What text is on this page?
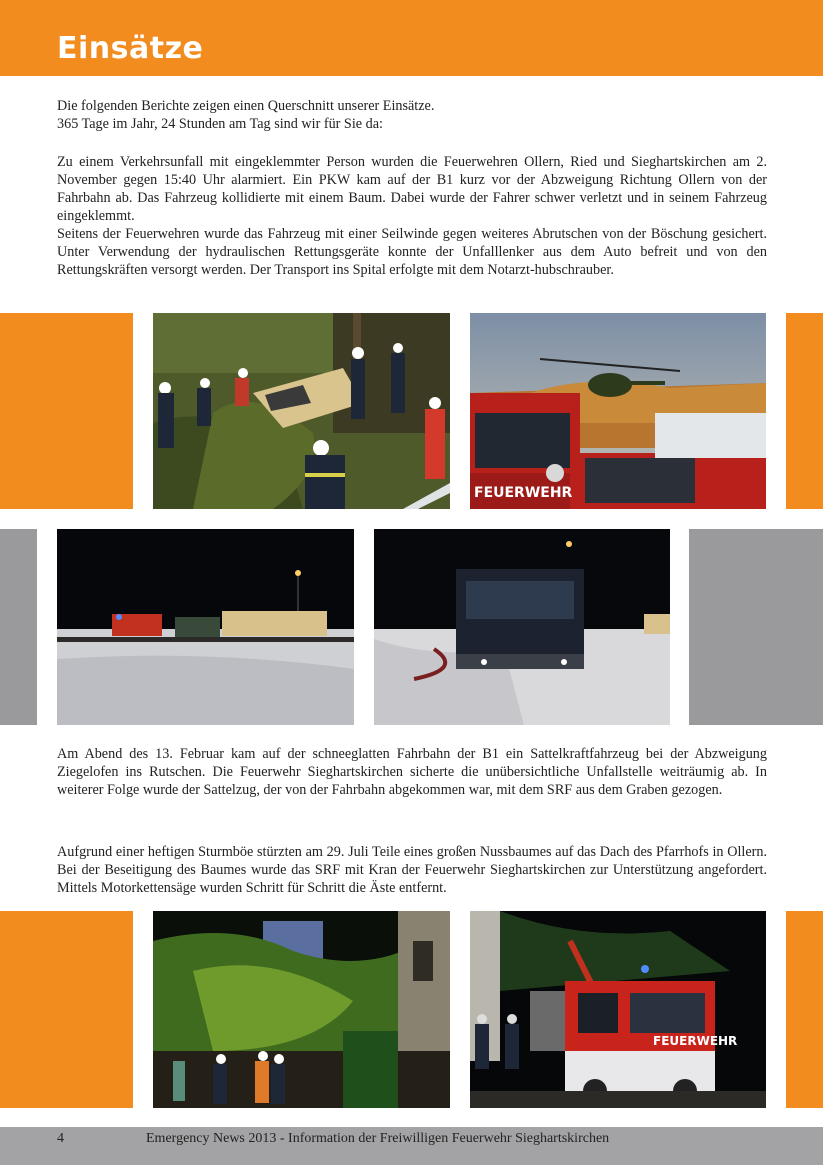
Einsätze

Die folgenden Berichte zeigen einen Querschnitt unserer Einsätze.

365 Tage im Jahr, 24 Stunden am Tag sind wir für Sie da:

Zu einem Verkehrsunfall mit eingeklemmter Person wurden die Feuerwehren Ollern, Ried und Sieghartskirchen am 2. November gegen 15:40 Uhr alarmiert. Ein PKW kam auf der B1 kurz vor der Abzweigung Richtung Ollern von der Fahrbahn ab. Das Fahrzeug kollidierte mit einem Baum. Dabei wurde der Fahrer schwer verletzt und in seinem Fahrzeug eingeklemmt.

Seitens der Feuerwehren wurde das Fahrzeug mit einer Seilwinde gegen weiteres Abrutschen von der Böschung gesichert. Unter Verwendung der hydraulischen Rettungsgeräte konnte der Unfalllenker aus dem Auto befreit und von den Rettungskräften versorgt werden. Der Transport ins Spital erfolgte mit dem Notarzt-hubschrauber.

FEUERWEHR

Am Abend des 13. Februar kam auf der schneeglatten Fahrbahn der B1 ein Sattelkraftfahrzeug bei der Abzweigung Ziegelofen ins Rutschen. Die Feuerwehr Sieghartskirchen sicherte die unübersichtliche Unfallstelle weiträumig ab. In weiterer Folge wurde der Sattelzug, der von der Fahrbahn abgekommen war, mit dem SRF aus dem Graben gezogen.

Aufgrund einer heftigen Sturmböe stürzten am 29. Juli Teile eines großen Nussbaumes auf das Dach des Pfarrhofs in Ollern. Bei der Beseitigung des Baumes wurde das SRF mit Kran der Feuerwehr Sieghartskirchen zur Unterstützung angefordert. Mittels Motorkettensäge wurden Schritt für Schritt die Äste entfernt.

FEUERWEHR
4	Emergency News 2013 - Information der Freiwilligen Feuerwehr Sieghartskirchen
